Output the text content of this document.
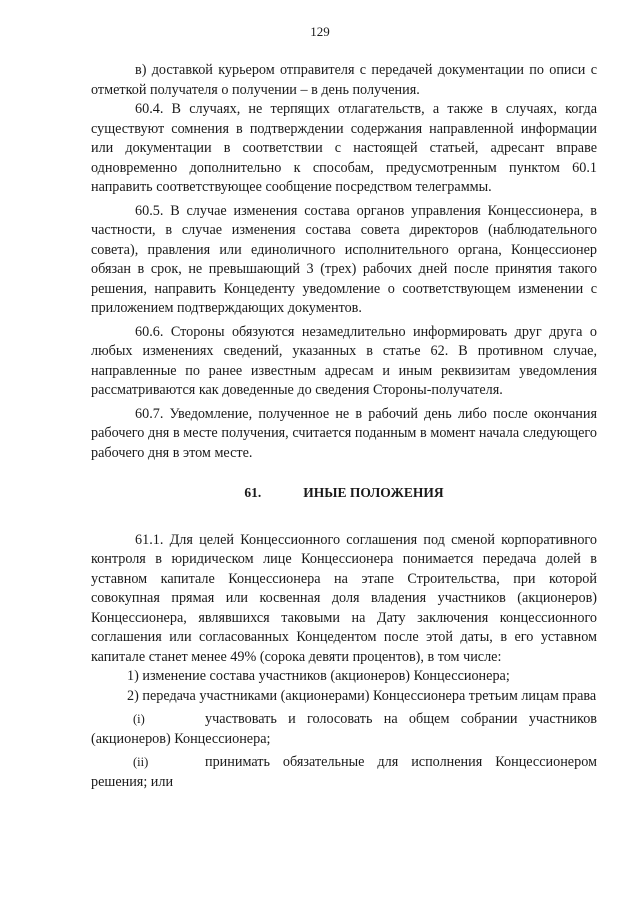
129

в) доставкой курьером отправителя с передачей документации по описи с отметкой получателя о получении – в день получения.

60.4. В случаях, не терпящих отлагательств, а также в случаях, когда существуют сомнения в подтверждении содержания направленной информации или документации в соответствии с настоящей статьей, адресант вправе одновременно дополнительно к способам, предусмотренным пунктом 60.1 направить соответствующее сообщение посредством телеграммы.

60.5. В случае изменения состава органов управления Концессионера, в частности, в случае изменения состава совета директоров (наблюдательного совета), правления или единоличного исполнительного органа, Концессионер обязан в срок, не превышающий 3 (трех) рабочих дней после принятия такого решения, направить Концеденту уведомление о соответствующем изменении с приложением подтверждающих документов.

60.6. Стороны обязуются незамедлительно информировать друг друга о любых изменениях сведений, указанных в статье 62. В противном случае, направленные по ранее известным адресам и иным реквизитам уведомления рассматриваются как доведенные до сведения Стороны-получателя.

60.7. Уведомление, полученное не в рабочий день либо после окончания рабочего дня в месте получения, считается поданным в момент начала следующего рабочего дня в этом месте.

61.	ИНЫЕ ПОЛОЖЕНИЯ

61.1. Для целей Концессионного соглашения под сменой корпоративного контроля в юридическом лице Концессионера понимается передача долей в уставном капитале Концессионера на этапе Строительства, при которой совокупная прямая или косвенная доля владения участников (акционеров) Концессионера, являвшихся таковыми на Дату заключения концессионного соглашения или согласованных Концедентом после этой даты, в его уставном капитале станет менее 49% (сорока девяти процентов), в том числе:

1) изменение состава участников (акционеров) Концессионера;

2) передача участниками (акционерами) Концессионера третьим лицам права

(i)	участвовать и голосовать на общем собрании участников (акционеров) Концессионера;

(ii)	принимать обязательные для исполнения Концессионером решения; или
